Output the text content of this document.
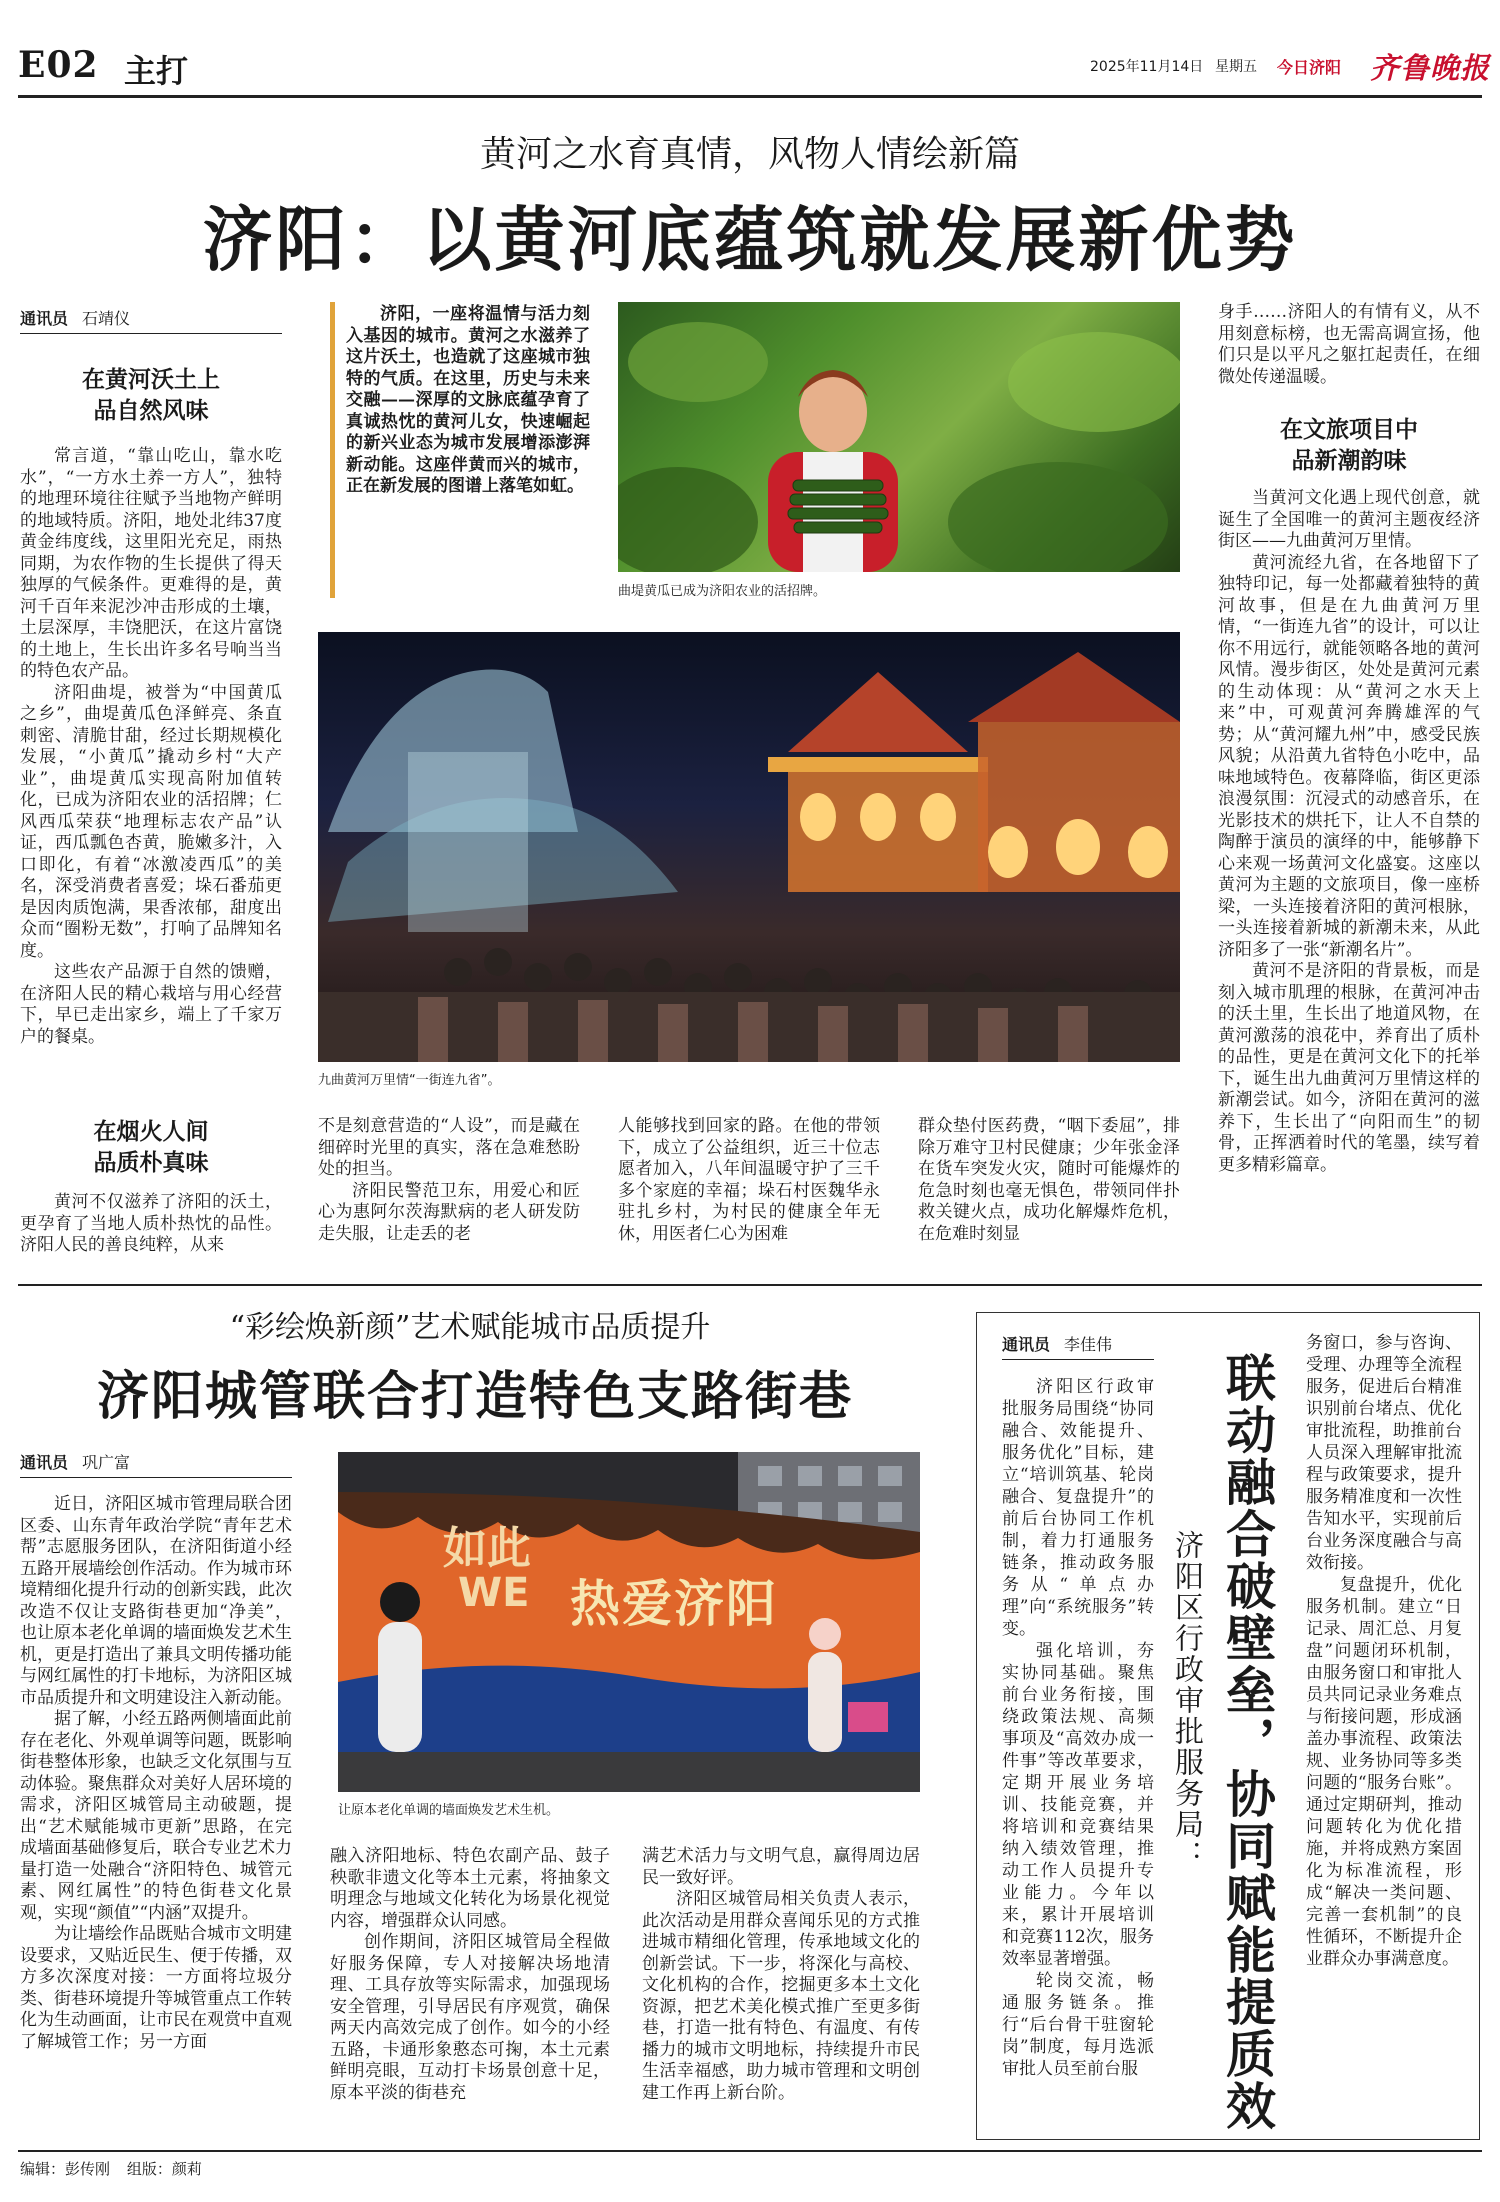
E02 主打	2025年11月14日 星期五 今日济阳 齐鲁晚报
黄河之水育真情，风物人情绘新篇
济阳：以黄河底蕴筑就发展新优势
通讯员 石靖仪
在黄河沃土上
品自然风味

常言道，“靠山吃山，靠水吃水”，“一方水土养一方人”，独特的地理环境往往赋予当地物产鲜明的地域特质。济阳，地处北纬37度黄金纬度线，这里阳光充足，雨热同期，为农作物的生长提供了得天独厚的气候条件。更难得的是，黄河千百年来泥沙冲击形成的土壤，土层深厚，丰饶肥沃，在这片富饶的土地上，生长出许多名号响当当的特色农产品。

济阳曲堤，被誉为“中国黄瓜之乡”，曲堤黄瓜色泽鲜亮、条直刺密、清脆甘甜，经过长期规模化发展，“小黄瓜”撬动乡村“大产业”，曲堤黄瓜实现高附加值转化，已成为济阳农业的活招牌；仁风西瓜荣获“地理标志农产品”认证，西瓜瓢色杏黄，脆嫩多汁，入口即化，有着“冰激凌西瓜”的美名，深受消费者喜爱；垛石番茄更是因肉质饱满，果香浓郁，甜度出众而“圈粉无数”，打响了品牌知名度。

这些农产品源于自然的馈赠，在济阳人民的精心栽培与用心经营下，早已走出家乡，端上了千家万户的餐桌。

在烟火人间
品质朴真味

黄河不仅滋养了济阳的沃土，更孕育了当地人质朴热忱的品性。济阳人民的善良纯粹，从来

济阳，一座将温情与活力刻入基因的城市。黄河之水滋养了这片沃土，也造就了这座城市独特的气质。在这里，历史与未来交融——深厚的文脉底蕴孕育了真诚热忱的黄河儿女，快速崛起的新兴业态为城市发展增添澎湃新动能。这座伴黄而兴的城市，正在新发展的图谱上落笔如虹。
曲堤黄瓜已成为济阳农业的活招牌。
九曲黄河万里情“一街连九省”。

不是刻意营造的“人设”，而是藏在细碎时光里的真实，落在急难愁盼处的担当。

济阳民警范卫东，用爱心和匠心为惠阿尔茨海默病的老人研发防走失服，让走丢的老

人能够找到回家的路。在他的带领下，成立了公益组织，近三十位志愿者加入，八年间温暖守护了三千多个家庭的幸福；垛石村医魏华永驻扎乡村，为村民的健康全年无休，用医者仁心为困难

群众垫付医药费，“咽下委屈”，排除万难守卫村民健康；少年张金泽在货车突发火灾，随时可能爆炸的危急时刻也毫无惧色，带领同伴扑救关键火点，成功化解爆炸危机，在危难时刻显

身手……济阳人的有情有义，从不用刻意标榜，也无需高调宣扬，他们只是以平凡之躯扛起责任，在细微处传递温暖。

在文旅项目中
品新潮韵味

当黄河文化遇上现代创意，就诞生了全国唯一的黄河主题夜经济街区——九曲黄河万里情。

黄河流经九省，在各地留下了独特印记，每一处都藏着独特的黄河故事，但是在九曲黄河万里情，“一街连九省”的设计，可以让你不用远行，就能领略各地的黄河风情。漫步街区，处处是黄河元素的生动体现：从“黄河之水天上来”中，可观黄河奔腾雄浑的气势；从“黄河耀九州”中，感受民族风貌；从沿黄九省特色小吃中，品味地域特色。夜幕降临，街区更添浪漫氛围：沉浸式的动感音乐，在光影技术的烘托下，让人不自禁的陶醉于演员的演绎的中，能够静下心来观一场黄河文化盛宴。这座以黄河为主题的文旅项目，像一座桥梁，一头连接着济阳的黄河根脉，一头连接着新城的新潮未来，从此济阳多了一张“新潮名片”。

黄河不是济阳的背景板，而是刻入城市肌理的根脉，在黄河冲击的沃土里，生长出了地道风物，在黄河激荡的浪花中，养育出了质朴的品性，更是在黄河文化下的托举下，诞生出九曲黄河万里情这样的新潮尝试。如今，济阳在黄河的滋养下，生长出了“向阳而生”的韧骨，正挥洒着时代的笔墨，续写着更多精彩篇章。

“彩绘焕新颜”艺术赋能城市品质提升
济阳城管联合打造特色支路街巷
通讯员 巩广富

近日，济阳区城市管理局联合团区委、山东青年政治学院“青年艺术帮”志愿服务团队，在济阳街道小经五路开展墙绘创作活动。作为城市环境精细化提升行动的创新实践，此次改造不仅让支路街巷更加“净美”，也让原本老化单调的墙面焕发艺术生机，更是打造出了兼具文明传播功能与网红属性的打卡地标，为济阳区城市品质提升和文明建设注入新动能。

据了解，小经五路两侧墙面此前存在老化、外观单调等问题，既影响街巷整体形象，也缺乏文化氛围与互动体验。聚焦群众对美好人居环境的需求，济阳区城管局主动破题，提出“艺术赋能城市更新”思路，在完成墙面基础修复后，联合专业艺术力量打造一处融合“济阳特色、城管元素、网红属性”的特色街巷文化景观，实现“颜值”“内涵”双提升。

为让墙绘作品既贴合城市文明建设要求，又贴近民生、便于传播，双方多次深度对接：一方面将垃圾分类、街巷环境提升等城管重点工作转化为生动画面，让市民在观赏中直观了解城管工作；另一方面

如此
WE 热爱济阳
让原本老化单调的墙面焕发艺术生机。

融入济阳地标、特色农副产品、鼓子秧歌非遗文化等本土元素，将抽象文明理念与地域文化转化为场景化视觉内容，增强群众认同感。

创作期间，济阳区城管局全程做好服务保障，专人对接解决场地清理、工具存放等实际需求，加强现场安全管理，引导居民有序观赏，确保两天内高效完成了创作。如今的小经五路，卡通形象憨态可掬，本土元素鲜明亮眼，互动打卡场景创意十足，原本平淡的街巷充

满艺术活力与文明气息，赢得周边居民一致好评。

济阳区城管局相关负责人表示，此次活动是用群众喜闻乐见的方式推进城市精细化管理，传承地域文化的创新尝试。下一步，将深化与高校、文化机构的合作，挖掘更多本土文化资源，把艺术美化模式推广至更多街巷，打造一批有特色、有温度、有传播力的城市文明地标，持续提升市民生活幸福感，助力城市管理和文明创建工作再上新台阶。

通讯员 李佳伟

济阳区行政审批服务局围绕“协同融合、效能提升、服务优化”目标，建立“培训筑基、轮岗融合、复盘提升”的前后台协同工作机制，着力打通服务链条，推动政务服务从“单点办理”向“系统服务”转变。

强化培训，夯实协同基础。聚焦前台业务衔接，围绕政策法规、高频事项及“高效办成一件事”等改革要求，定期开展业务培训、技能竞赛，并将培训和竞赛结果纳入绩效管理，推动工作人员提升专业能力。今年以来，累计开展培训和竞赛112次，服务效率显著增强。

轮岗交流，畅通服务链条。推行“后台骨干驻窗轮岗”制度，每月选派审批人员至前台服

济阳区行政审批服务局： 联动融合破壁垒，协同赋能提质效

务窗口，参与咨询、受理、办理等全流程服务，促进后台精准识别前台堵点、优化审批流程，助推前台人员深入理解审批流程与政策要求，提升服务精准度和一次性告知水平，实现前后台业务深度融合与高效衔接。

复盘提升，优化服务机制。建立“日记录、周汇总、月复盘”问题闭环机制，由服务窗口和审批人员共同记录业务难点与衔接问题，形成涵盖办事流程、政策法规、业务协同等多类问题的“服务台账”。通过定期研判，推动问题转化为优化措施，并将成熟方案固化为标准流程，形成“解决一类问题、完善一套机制”的良性循环，不断提升企业群众办事满意度。

编辑：彭传刚 组版：颜莉
